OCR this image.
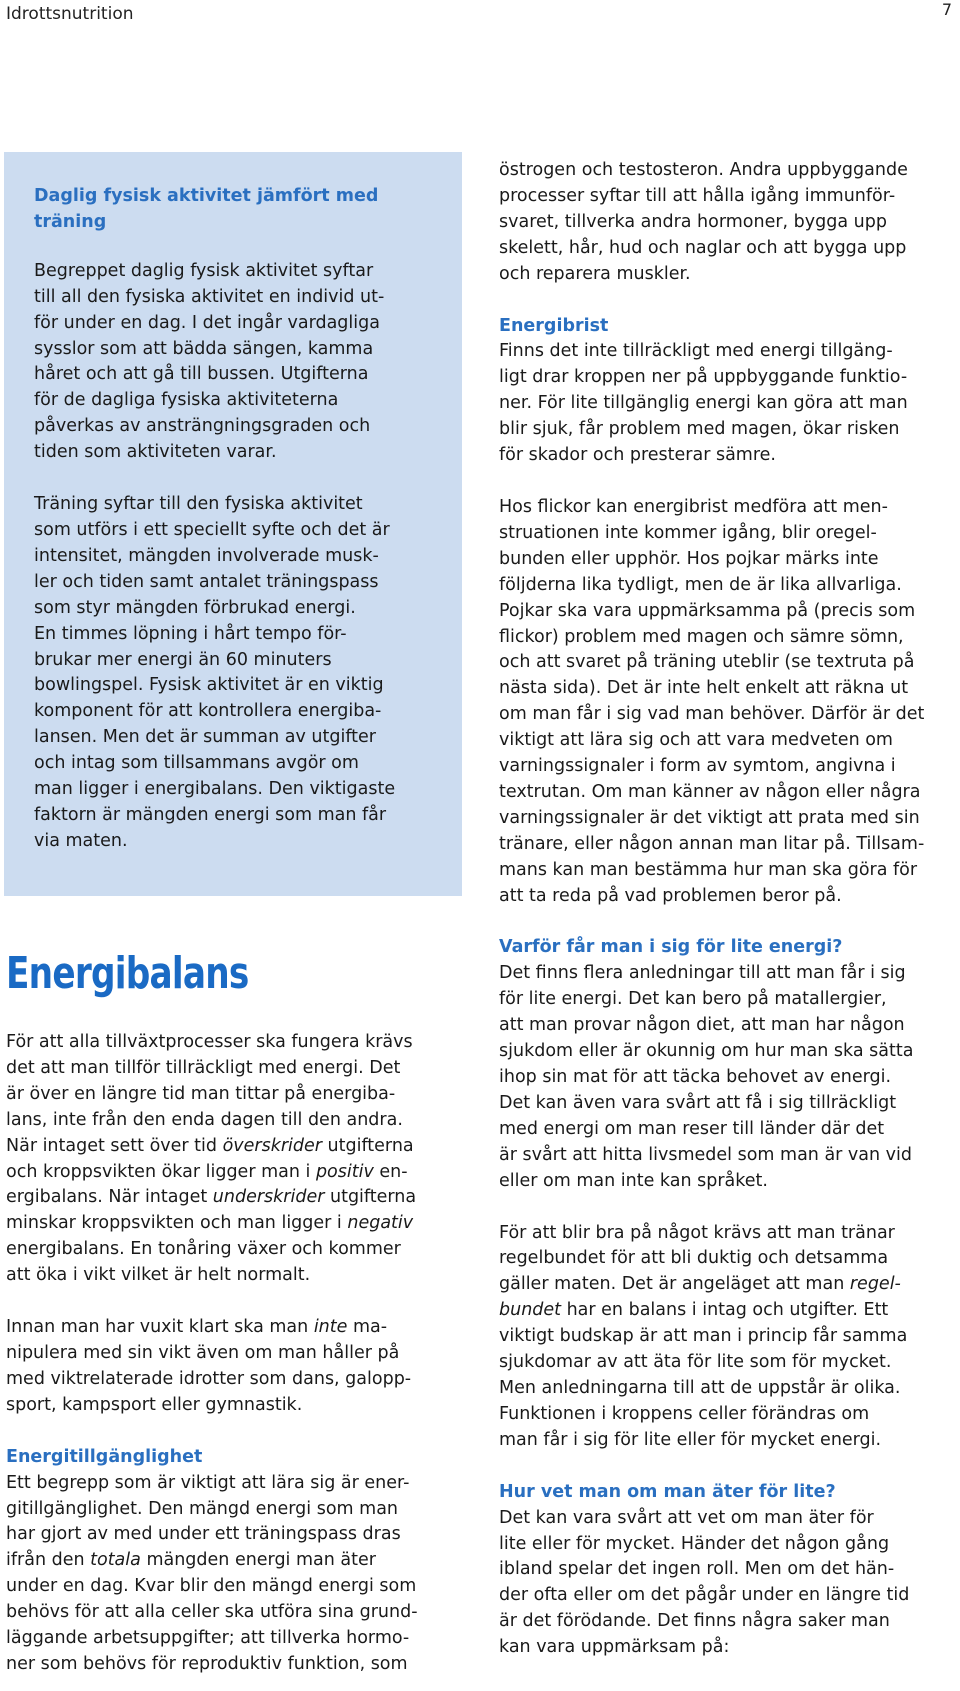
Idrottsnutrition	7
Daglig fysisk aktivitet jämfört med
träning
Begreppet daglig fysisk aktivitet syftar
till all den fysiska aktivitet en individ ut-
för under en dag. I det ingår vardagliga
sysslor som att bädda sängen, kamma
håret och att gå till bussen. Utgifterna
för de dagliga fysiska aktiviteterna
påverkas av ansträngningsgraden och
tiden som aktiviteten varar.
Träning syftar till den fysiska aktivitet
som utförs i ett speciellt syfte och det är
intensitet, mängden involverade musk-
ler och tiden samt antalet träningspass
som styr mängden förbrukad energi.
En timmes löpning i hårt tempo för-
brukar mer energi än 60 minuters
bowlingspel. Fysisk aktivitet är en viktig
komponent för att kontrollera energiba-
lansen. Men det är summan av utgifter
och intag som tillsammans avgör om
man ligger i energibalans. Den viktigaste
faktorn är mängden energi som man får
via maten.
Energibalans
För att alla tillväxtprocesser ska fungera krävs
det att man tillför tillräckligt med energi. Det
är över en längre tid man tittar på energiba-
lans, inte från den enda dagen till den andra.
När intaget sett över tid överskrider utgifterna
och kroppsvikten ökar ligger man i positiv en-
ergibalans. När intaget underskrider utgifterna
minskar kroppsvikten och man ligger i negativ
energibalans. En tonåring växer och kommer
att öka i vikt vilket är helt normalt.
Innan man har vuxit klart ska man inte ma-
nipulera med sin vikt även om man håller på
med viktrelaterade idrotter som dans, galopp-
sport, kampsport eller gymnastik.
Energitillgänglighet
Ett begrepp som är viktigt att lära sig är ener-
gitillgänglighet. Den mängd energi som man
har gjort av med under ett träningspass dras
ifrån den totala mängden energi man äter
under en dag. Kvar blir den mängd energi som
behövs för att alla celler ska utföra sina grund-
läggande arbetsuppgifter; att tillverka hormo-
ner som behövs för reproduktiv funktion, som
östrogen och testosteron. Andra uppbyggande
processer syftar till att hålla igång immunför-
svaret, tillverka andra hormoner, bygga upp
skelett, hår, hud och naglar och att bygga upp
och reparera muskler.
Energibrist
Finns det inte tillräckligt med energi tillgäng-
ligt drar kroppen ner på uppbyggande funktio-
ner. För lite tillgänglig energi kan göra att man
blir sjuk, får problem med magen, ökar risken
för skador och presterar sämre.
Hos flickor kan energibrist medföra att men-
struationen inte kommer igång, blir oregel-
bunden eller upphör. Hos pojkar märks inte
följderna lika tydligt, men de är lika allvarliga.
Pojkar ska vara uppmärksamma på (precis som
flickor) problem med magen och sämre sömn,
och att svaret på träning uteblir (se textruta på
nästa sida). Det är inte helt enkelt att räkna ut
om man får i sig vad man behöver. Därför är det
viktigt att lära sig och att vara medveten om
varningssignaler i form av symtom, angivna i
textrutan. Om man känner av någon eller några
varningssignaler är det viktigt att prata med sin
tränare, eller någon annan man litar på. Tillsam-
mans kan man bestämma hur man ska göra för
att ta reda på vad problemen beror på.
Varför får man i sig för lite energi?
Det finns flera anledningar till att man får i sig
för lite energi. Det kan bero på matallergier,
att man provar någon diet, att man har någon
sjukdom eller är okunnig om hur man ska sätta
ihop sin mat för att täcka behovet av energi.
Det kan även vara svårt att få i sig tillräckligt
med energi om man reser till länder där det
är svårt att hitta livsmedel som man är van vid
eller om man inte kan språket.
För att blir bra på något krävs att man tränar
regelbundet för att bli duktig och detsamma
gäller maten. Det är angeläget att man regel-
bundet har en balans i intag och utgifter. Ett
viktigt budskap är att man i princip får samma
sjukdomar av att äta för lite som för mycket.
Men anledningarna till att de uppstår är olika.
Funktionen i kroppens celler förändras om
man får i sig för lite eller för mycket energi.
Hur vet man om man äter för lite?
Det kan vara svårt att vet om man äter för
lite eller för mycket. Händer det någon gång
ibland spelar det ingen roll. Men om det hän-
der ofta eller om det pågår under en längre tid
är det förödande. Det finns några saker man
kan vara uppmärksam på:
